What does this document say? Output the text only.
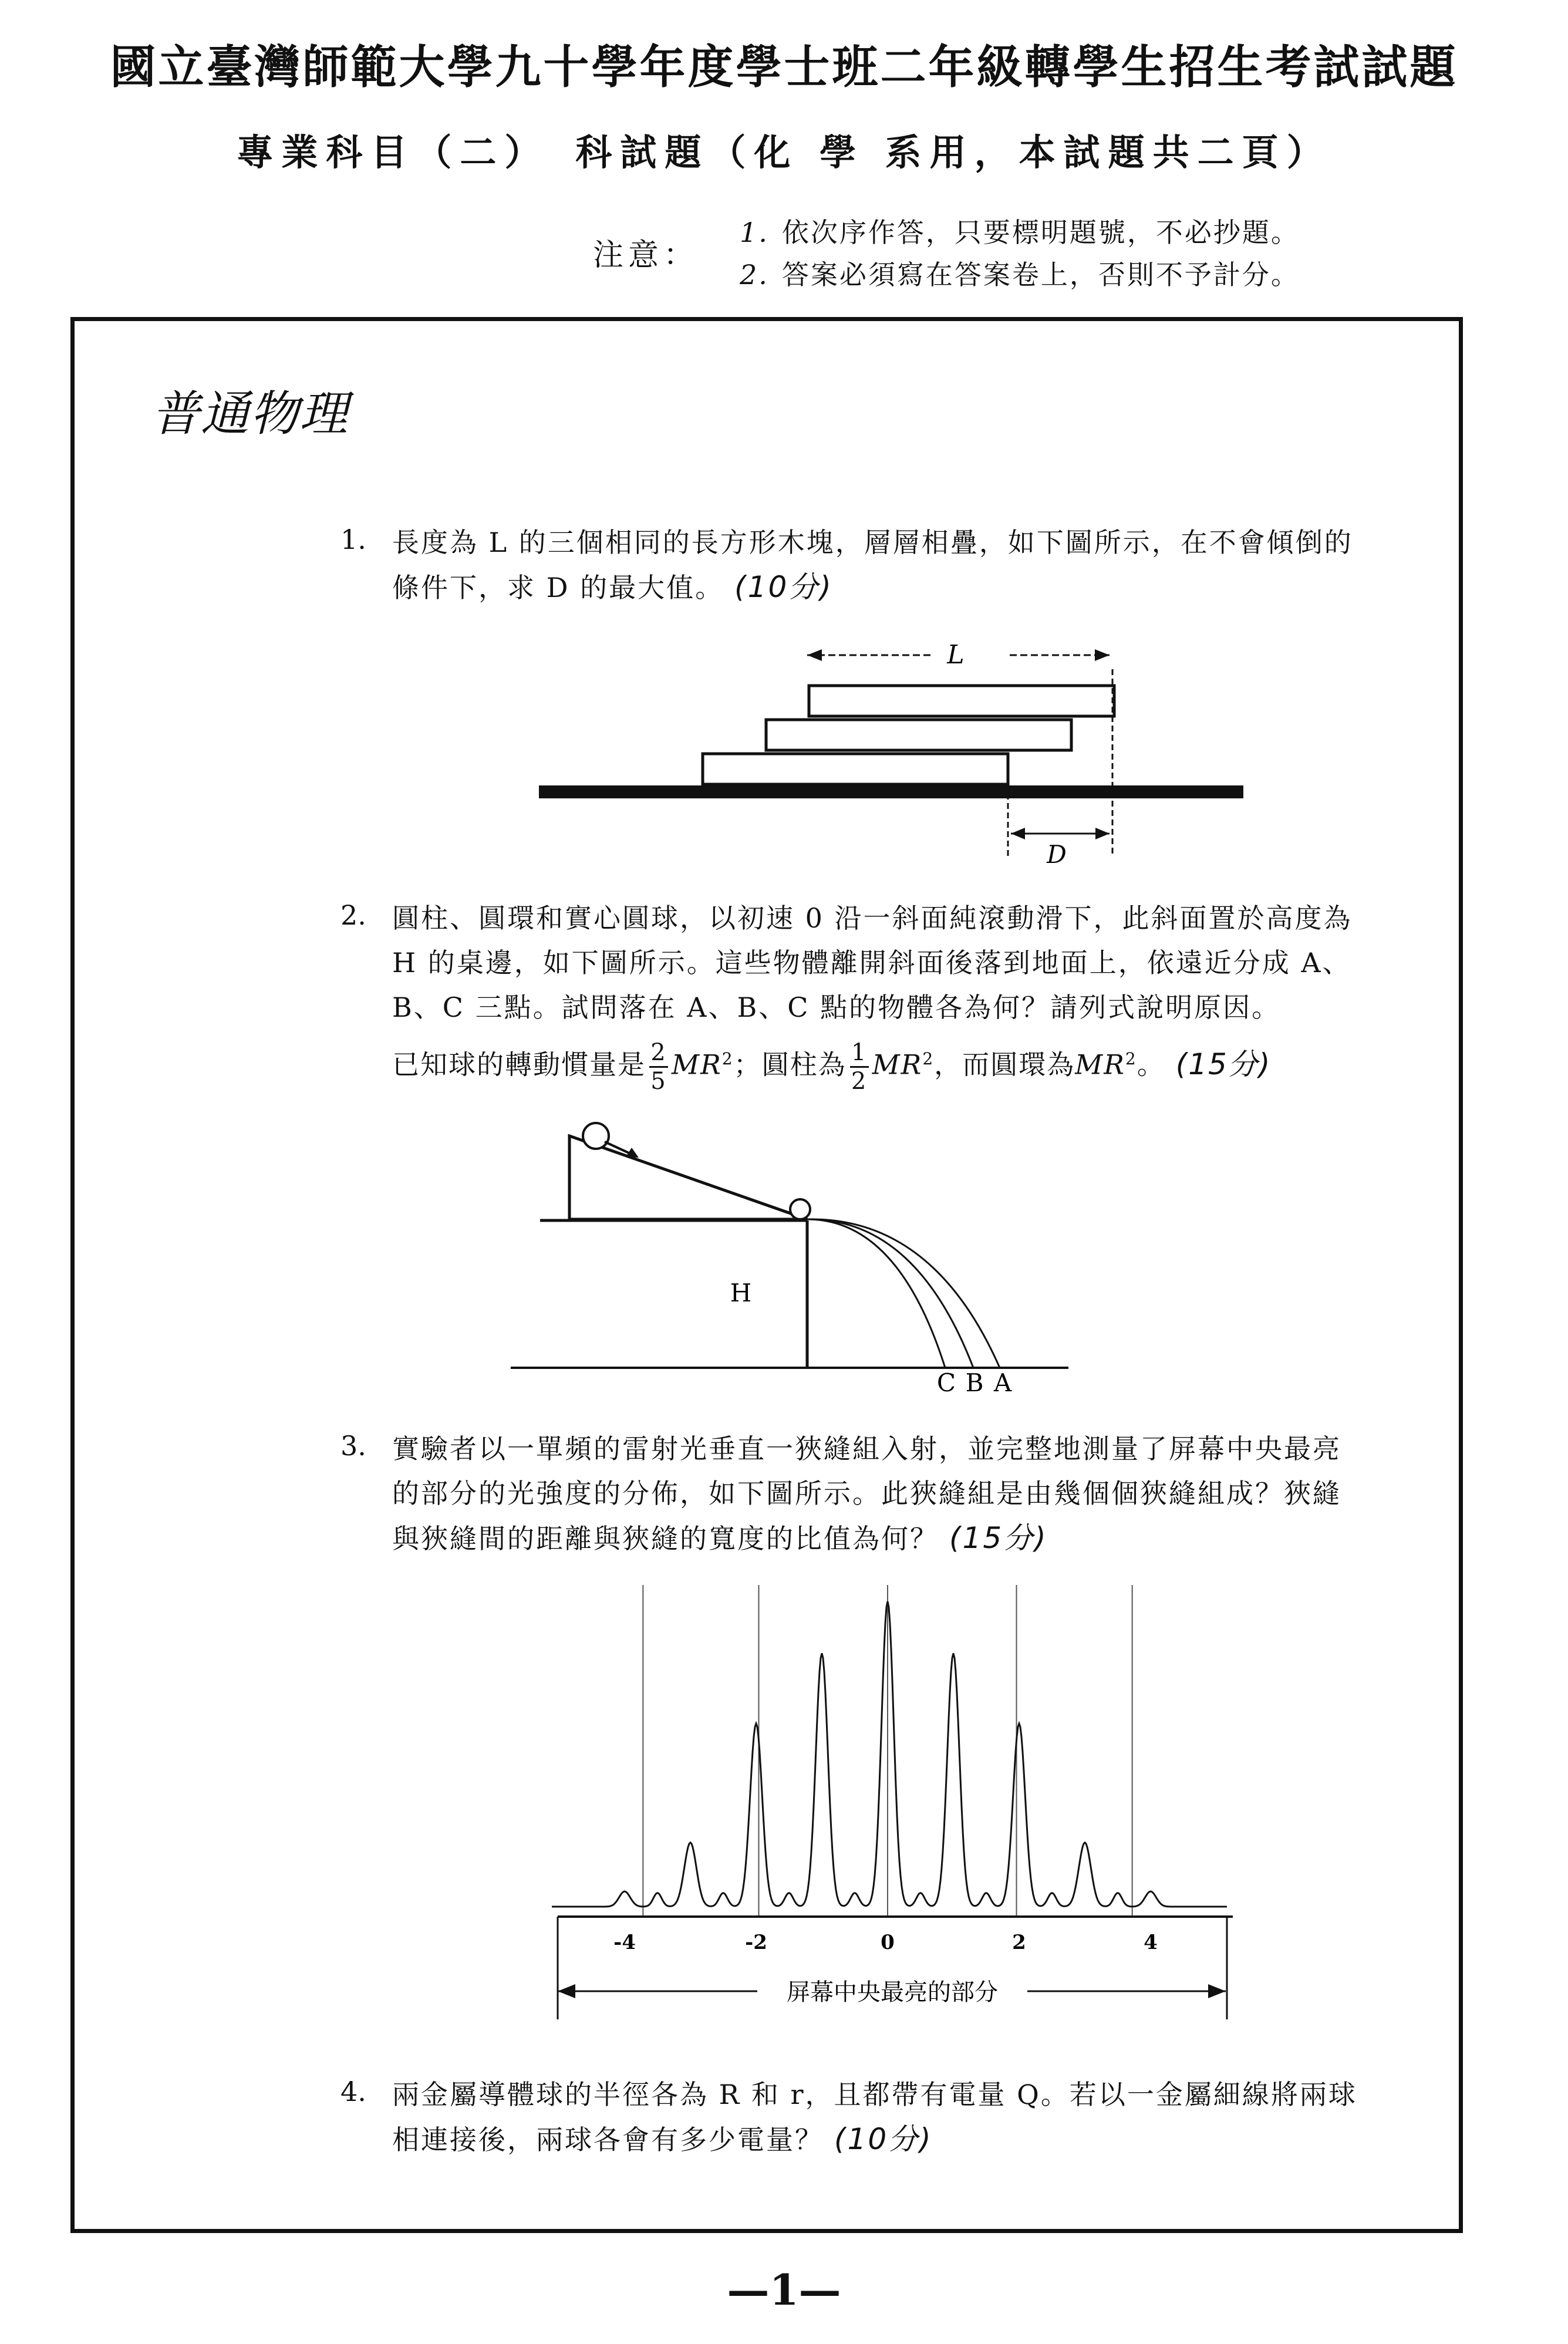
國立臺灣師範大學九十學年度學士班二年級轉學生招生考試試題
專業科目（二）　科試題（化 學 系用，本試題共二頁）
注意：
1. 依次序作答，只要標明題號，不必抄題。
2. 答案必須寫在答案卷上，否則不予計分。
普通物理
1. 長度為 L 的三個相同的長方形木塊，層層相疊，如下圖所示，在不會傾倒的條件下，求 D 的最大值。 (10分)
L
D
2. 圓柱、圓環和實心圓球，以初速 0 沿一斜面純滾動滑下，此斜面置於高度為 H 的桌邊，如下圖所示。這些物體離開斜面後落到地面上，依遠近分成 A、B、C 三點。試問落在 A、B、C 點的物體各為何？請列式說明原因。
已知球的轉動慣量是 $\frac{2}{5} MR^2$；圓柱為 $\frac{1}{2} MR^2$，而圓環為$MR^2$。 (15分)
H
C B A
3. 實驗者以一單頻的雷射光垂直一狹縫組入射，並完整地測量了屏幕中央最亮的部分的光強度的分佈，如下圖所示。此狹縫組是由幾個個狹縫組成？狹縫與狹縫間的距離與狹縫的寬度的比值為何？ (15分)
-4	-2	0	2	4
屏幕中央最亮的部分
4. 兩金屬導體球的半徑各為 R 和 r，且都帶有電量 Q。若以一金屬細線將兩球相連接後，兩球各會有多少電量？ (10分)
—1—
